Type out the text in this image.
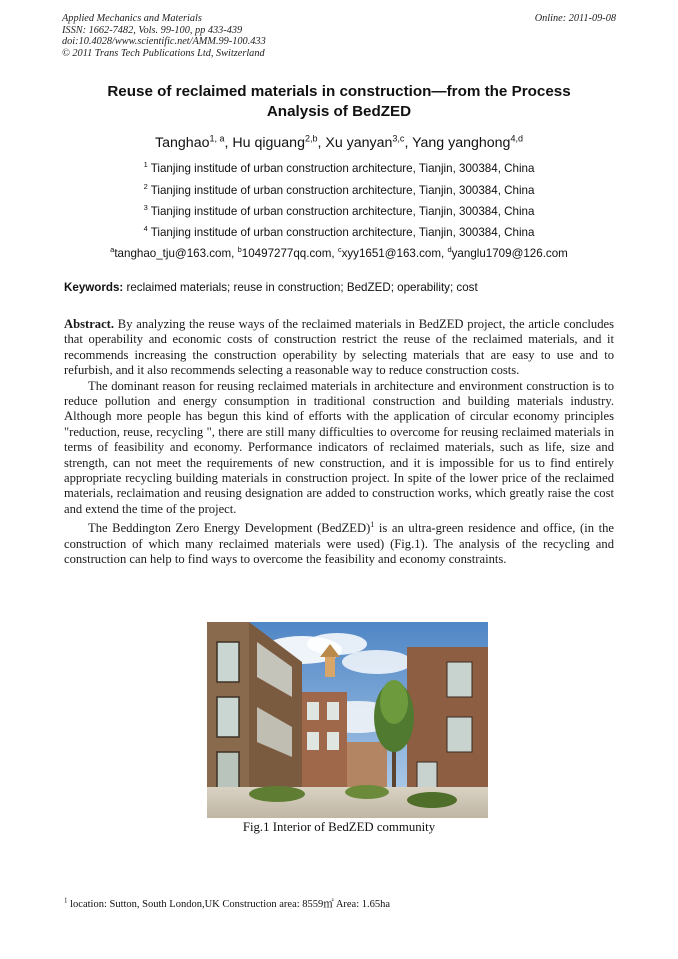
Applied Mechanics and Materials
ISSN: 1662-7482, Vols. 99-100, pp 433-439
doi:10.4028/www.scientific.net/AMM.99-100.433
© 2011 Trans Tech Publications Ltd, Switzerland
Online: 2011-09-08
Reuse of reclaimed materials in construction—from the Process
Analysis of BedZED
Tanghao$^{1, a}$, Hu qiguang$^{2,b}$, Xu yanyan$^{3,c}$, Yang yanghong$^{4,d}$
$^1$ Tianjing institude of urban construction architecture, Tianjin, 300384, China
$^2$ Tianjing institude of urban construction architecture, Tianjin, 300384, China
$^3$ Tianjing institude of urban construction architecture, Tianjin, 300384, China
$^4$ Tianjing institude of urban construction architecture, Tianjin, 300384, China
$^a$tanghao_tju@163.com, $^b$10497277qq.com, $^c$xyy1651@163.com, $^d$yanglu1709@126.com
Keywords: reclaimed materials; reuse in construction; BedZED; operability; cost

Abstract. By analyzing the reuse ways of the reclaimed materials in BedZED project, the article concludes that operability and economic costs of construction restrict the reuse of the reclaimed materials, and it recommends increasing the construction operability by selecting materials that are easy to use and to refurbish, and it also recommends selecting a reasonable way to reduce construction costs.

The dominant reason for reusing reclaimed materials in architecture and environment construction is to reduce pollution and energy consumption in traditional construction and building materials industry. Although more people has begun this kind of efforts with the application of circular economy principles "reduction, reuse, recycling ", there are still many difficulties to overcome for reusing reclaimed materials in terms of feasibility and economy. Performance indicators of reclaimed materials, such as life, size and strength, can not meet the requirements of new construction, and it is impossible for us to find entirely appropriate recycling building materials in construction project. In spite of the lower price of the reclaimed materials, reclaimation and reusing designation are added to construction works, which greatly raise the cost and extend the time of the project.

The Beddington Zero Energy Development (BedZED)$^1$ is an ultra-green residence and office, (in the construction of which many reclaimed materials were used) (Fig.1). The analysis of the recycling and construction can help to find ways to overcome the feasibility and economy constraints.

Fig.1 Interior of BedZED community
$^1$ location: Sutton, South London,UK Construction area: 8559㎡ Area: 1.65ha
